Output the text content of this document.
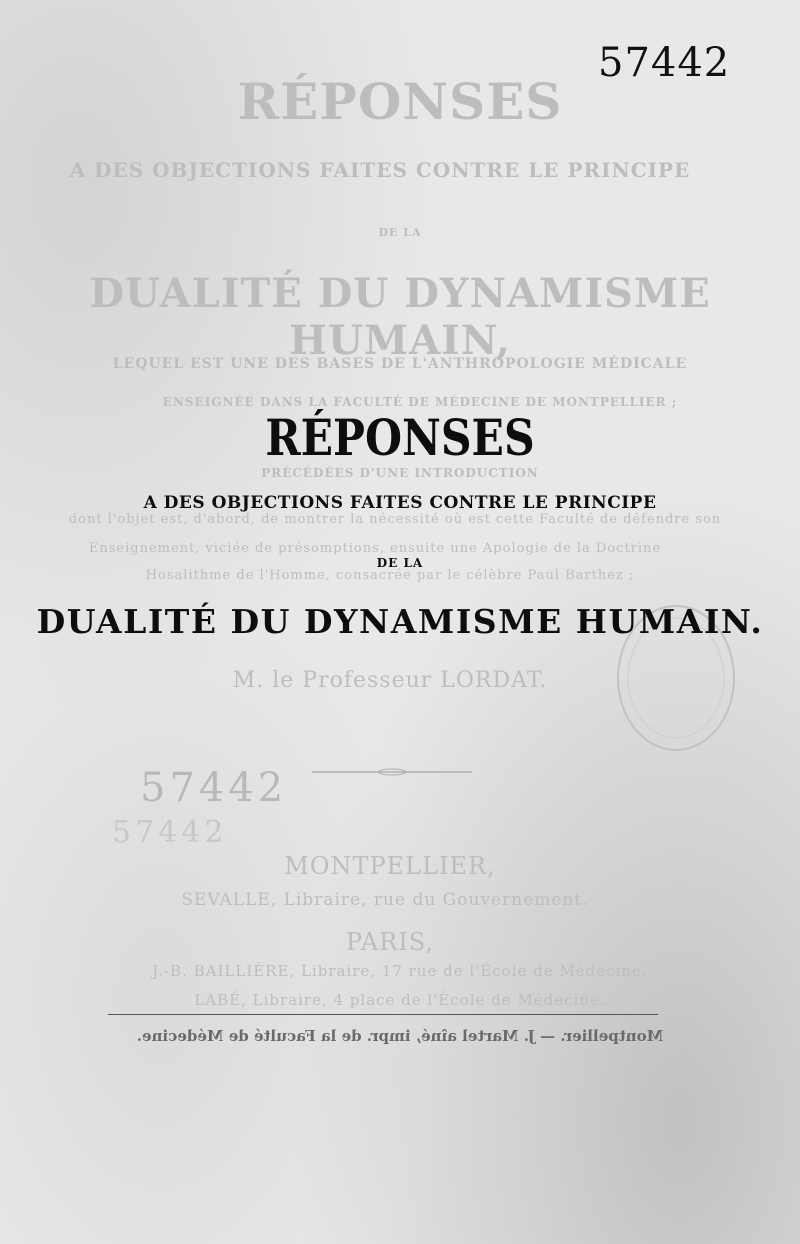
RÉPONSES
A DES OBJECTIONS FAITES CONTRE LE PRINCIPE
DE LA
DUALITÉ DU DYNAMISME HUMAIN,
LEQUEL EST UNE DES BASES DE L'ANTHROPOLOGIE MÉDICALE
ENSEIGNÉE DANS LA FACULTÉ DE MÉDECINE DE MONTPELLIER ;
PRÉCÉDÉES D'UNE INTRODUCTION
dont l'objet est, d'abord, de montrer la nécessité où est cette Faculté de défendre son
Enseignement, viciée de présomptions, ensuite une Apologie de la Doctrine
Hosalithme de l'Homme, consacrée par le célèbre Paul Barthez ;
M. le Professeur LORDAT.
57442
57442
MONTPELLIER,
SEVALLE, Libraire, rue du Gouvernement.
PARIS,
J.-B. BAILLIÈRE, Libraire, 17 rue de l'École de Médecine.
LABÉ, Libraire, 4 place de l'École de Médecine.
Montpellier. — J. Martel aîné, impr. de la Faculté de Médecine.
57442
RÉPONSES
A DES OBJECTIONS FAITES CONTRE LE PRINCIPE
DE LA
DUALITÉ DU DYNAMISME HUMAIN.
